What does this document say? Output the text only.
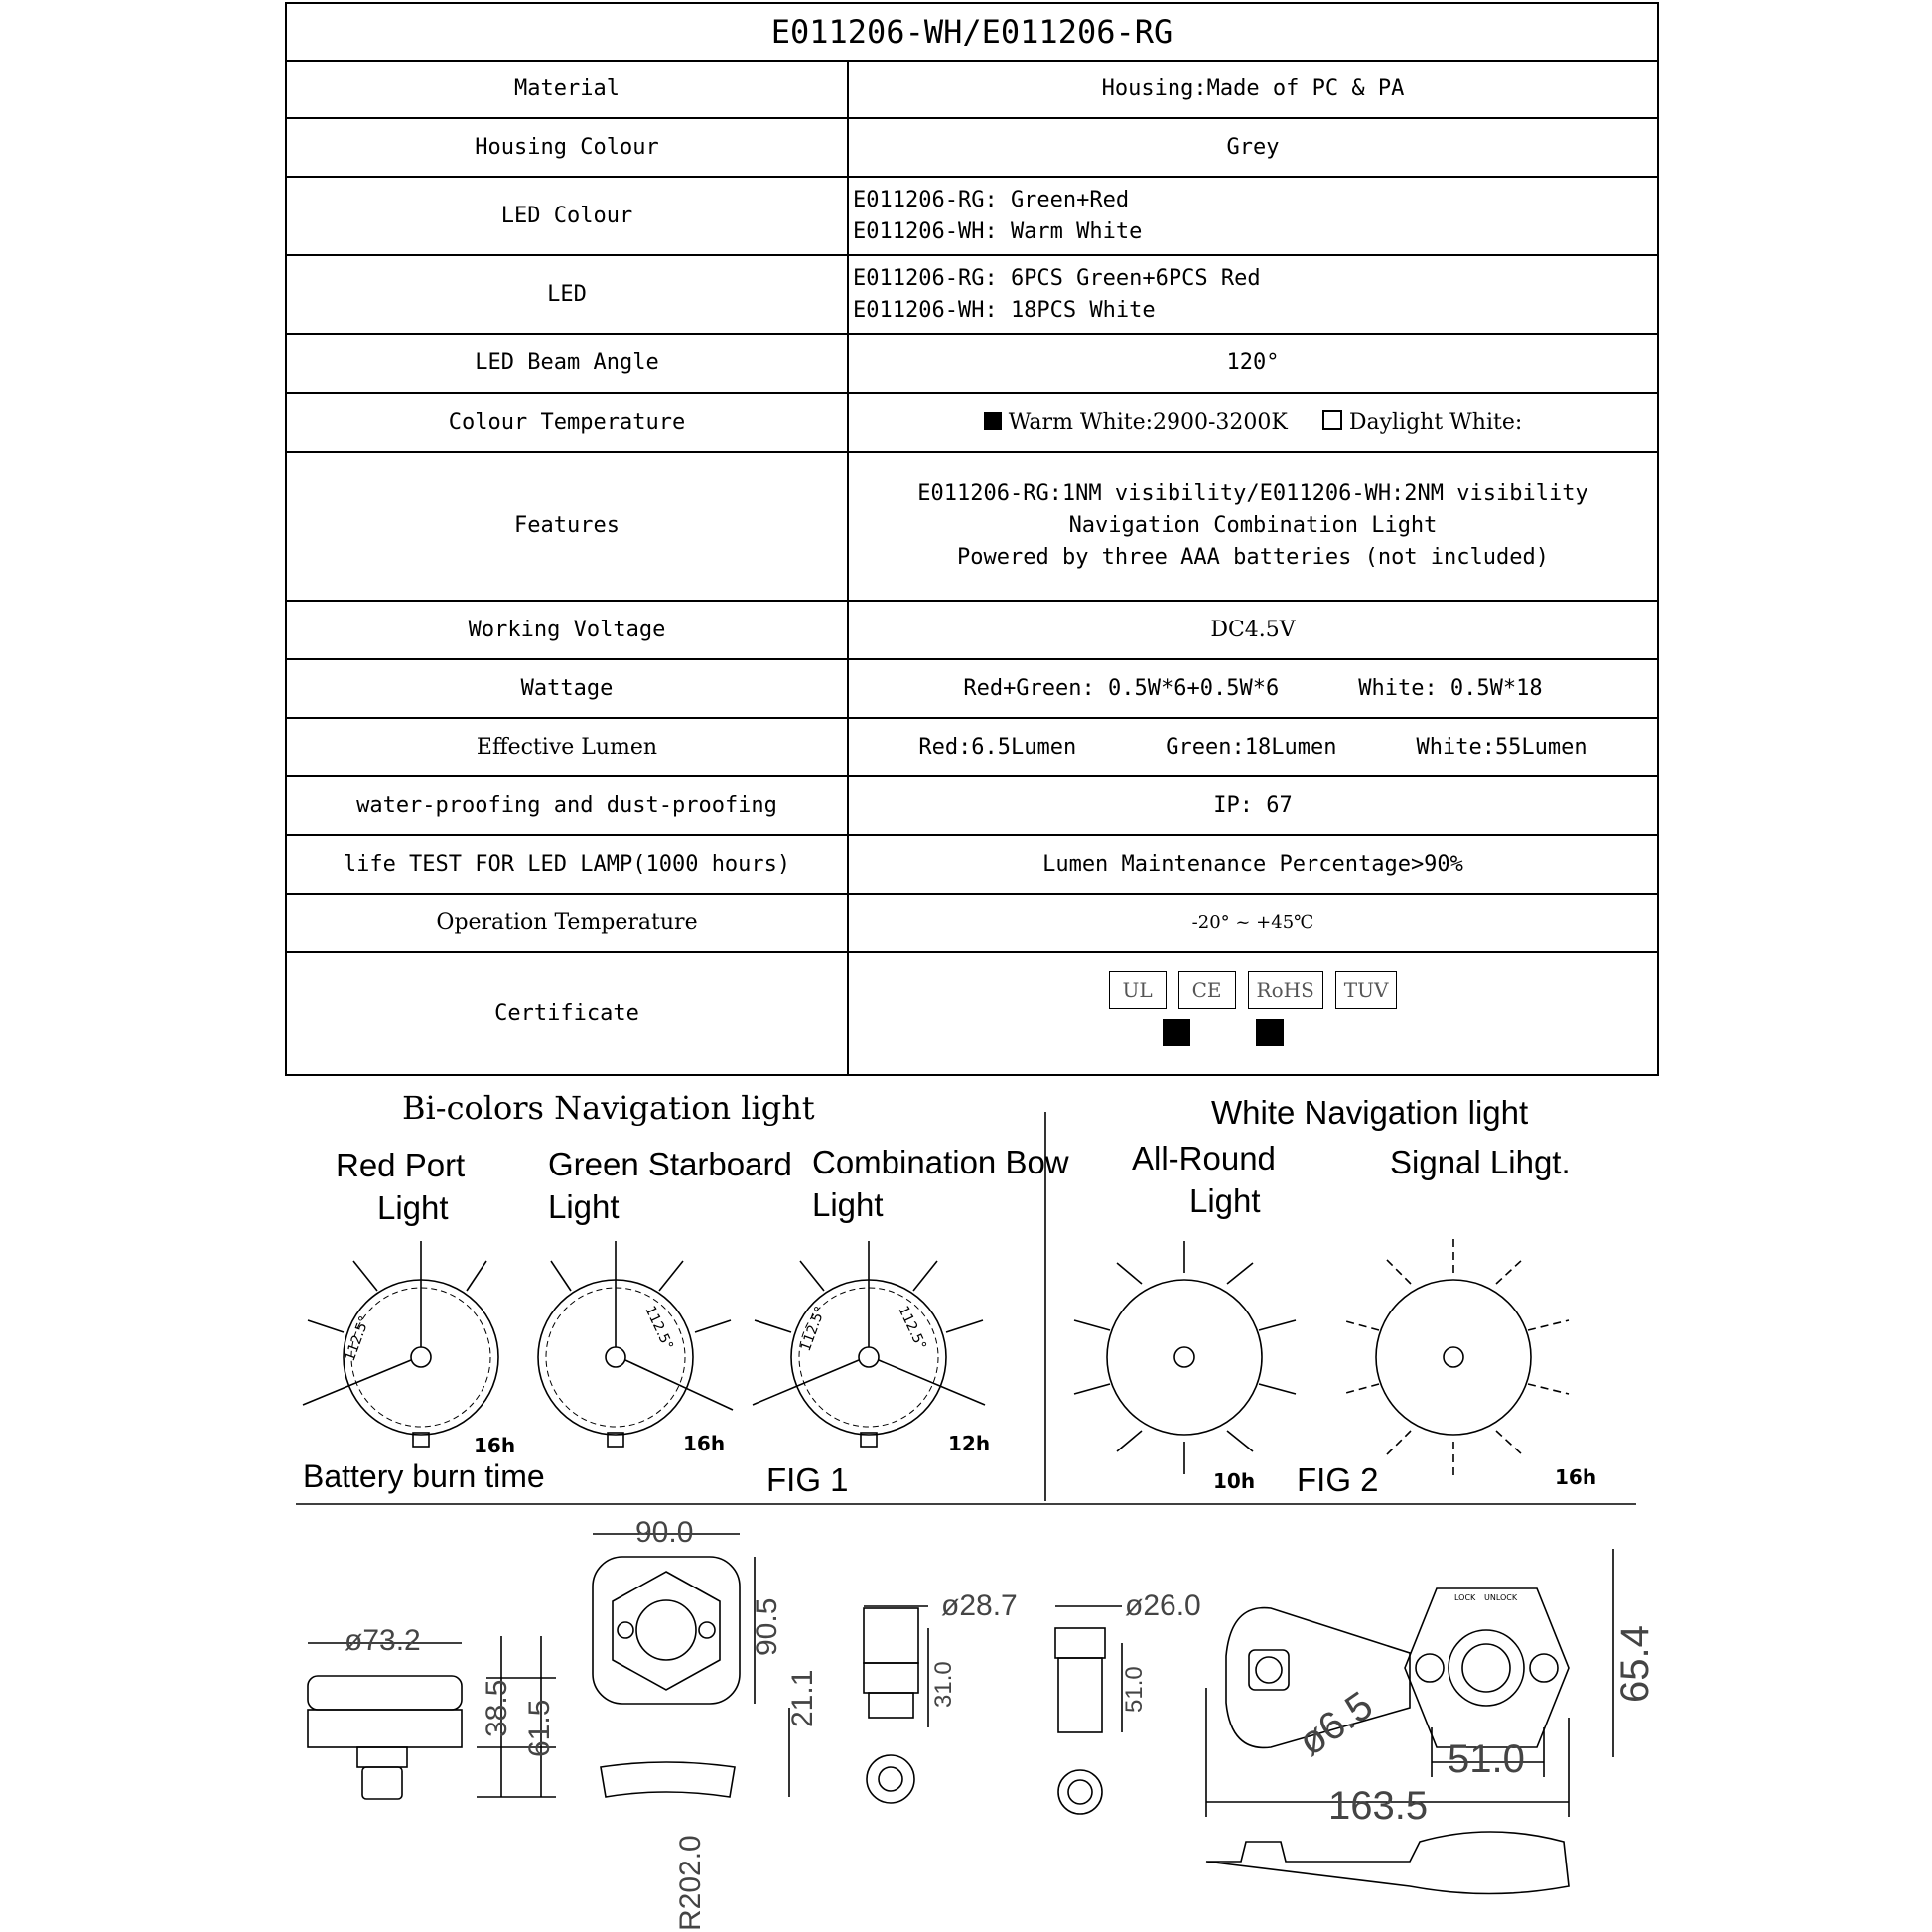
E011206-WH/E011206-RG	
Material	Housing:Made of PC & PA
Housing Colour	Grey
LED Colour	E011206-RG: Green+Red
E011206-WH: Warm White

LED	E011206-RG: 6PCS Green+6PCS Red
E011206-WH: 18PCS White

LED Beam Angle	120°
Colour Temperature	Warm White:2900-3200K Daylight White:
Features	E011206-RG:1NM visibility/E011206-WH:2NM visibility
Navigation Combination Light
Powered by three AAA batteries (not included)

Working Voltage	DC4.5V
Wattage	Red+Green: 0.5W*6+0.5W*6 White: 0.5W*18
Effective Lumen	Red:6.5Lumen Green:18Lumen White:55Lumen
water-proofing and dust-proofing	IP: 67
life TEST FOR LED LAMP(1000 hours)	Lumen Maintenance Percentage>90%
Operation Temperature	-20° ~ +45℃
Certificate	UL CE RoHS TUV

Bi-colors Navigation light	White Navigation light
Red Port
Light
Green Starboard
Light
Combination Bow
Light
All-Round
Light
Signal Lihgt.
16h	16h	12h
10h	16h
Battery burn time	FIG 1	FIG 2
112.5°	112.5°	112.5°	112.5°
ø73.2
38.5 61.5
90.0
90.5
21.1
R202.0
ø28.7
31.0
ø26.0
51.0	ø6.5 51.0
163.5
65.4
LOCK UNLOCK
